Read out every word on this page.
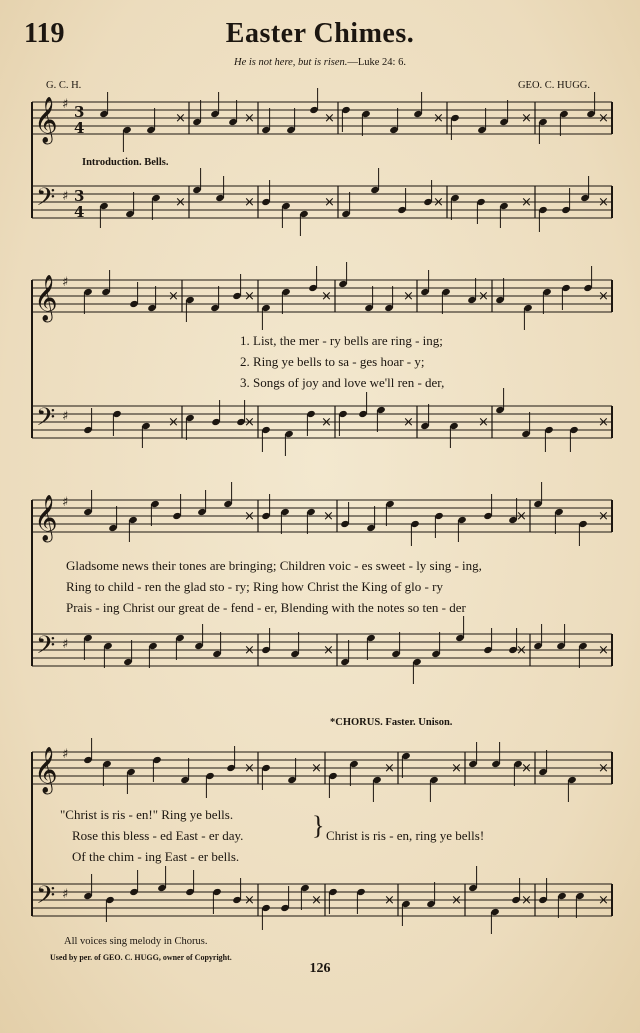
119	Easter Chimes.
He is not here, but is risen.—Luke 24: 6.
G. C. H.	GEO. C. HUGG.
𝄞
𝄢
♯
♯
3
4
3
4
×
×
×
×
×
×
×
×
×
×
×
×
𝄞
𝄢
♯
♯
×
×
×
×
×
×
×
×
×
×
×
×
𝄞
𝄢
♯
♯
×
×
×
×
×
×
×
×
𝄞
𝄢
♯
♯
×
×
×
×
×
×
×
×
×
×
×
×
Introduction. Bells.
1. List, the mer - ry bells are ring - ing;
2. Ring ye bells to sa - ges hoar - y;
3. Songs of joy and love we'll ren - der,
Gladsome news their tones are bringing; Children voic - es sweet - ly sing - ing,
Ring to child - ren the glad sto - ry; Ring how Christ the King of glo - ry
Prais - ing Christ our great de - fend - er, Blending with the notes so ten - der
*CHORUS. Faster. Unison.
"Christ is ris - en!" Ring ye bells.
Rose this bless - ed East - er day.
Of the chim - ing East - er bells.
} Christ is ris - en, ring ye bells!
All voices sing melody in Chorus.
Used by per. of GEO. C. HUGG, owner of Copyright.
126
